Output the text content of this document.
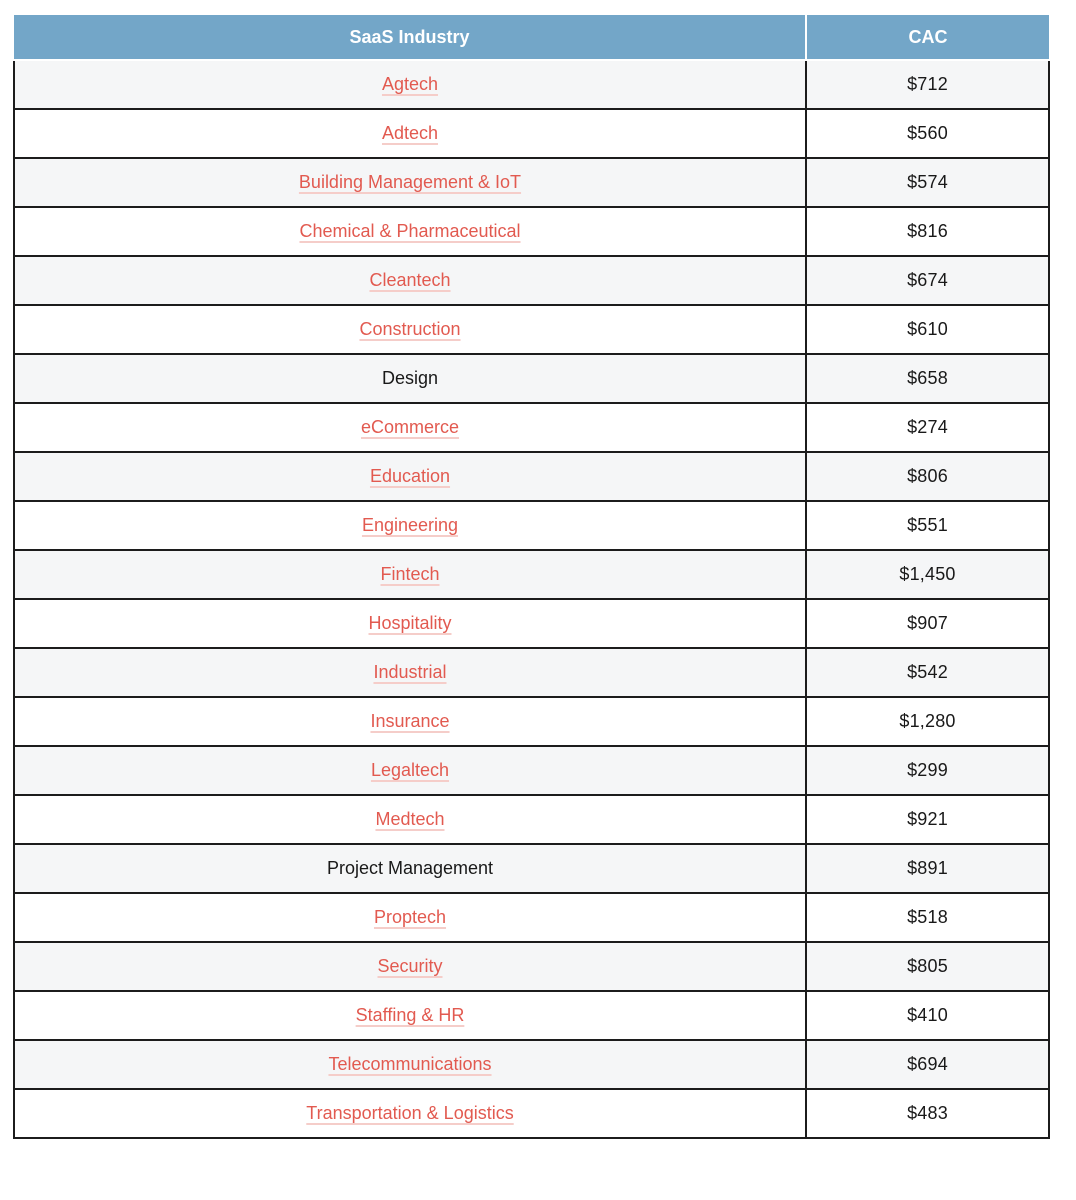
SaaS Industry	CAC
Agtech	$712
Adtech	$560
Building Management & IoT	$574
Chemical & Pharmaceutical	$816
Cleantech	$674
Construction	$610
Design	$658
eCommerce	$274
Education	$806
Engineering	$551
Fintech	$1,450
Hospitality	$907
Industrial	$542
Insurance	$1,280
Legaltech	$299
Medtech	$921
Project Management	$891
Proptech	$518
Security	$805
Staffing & HR	$410
Telecommunications	$694
Transportation & Logistics	$483
